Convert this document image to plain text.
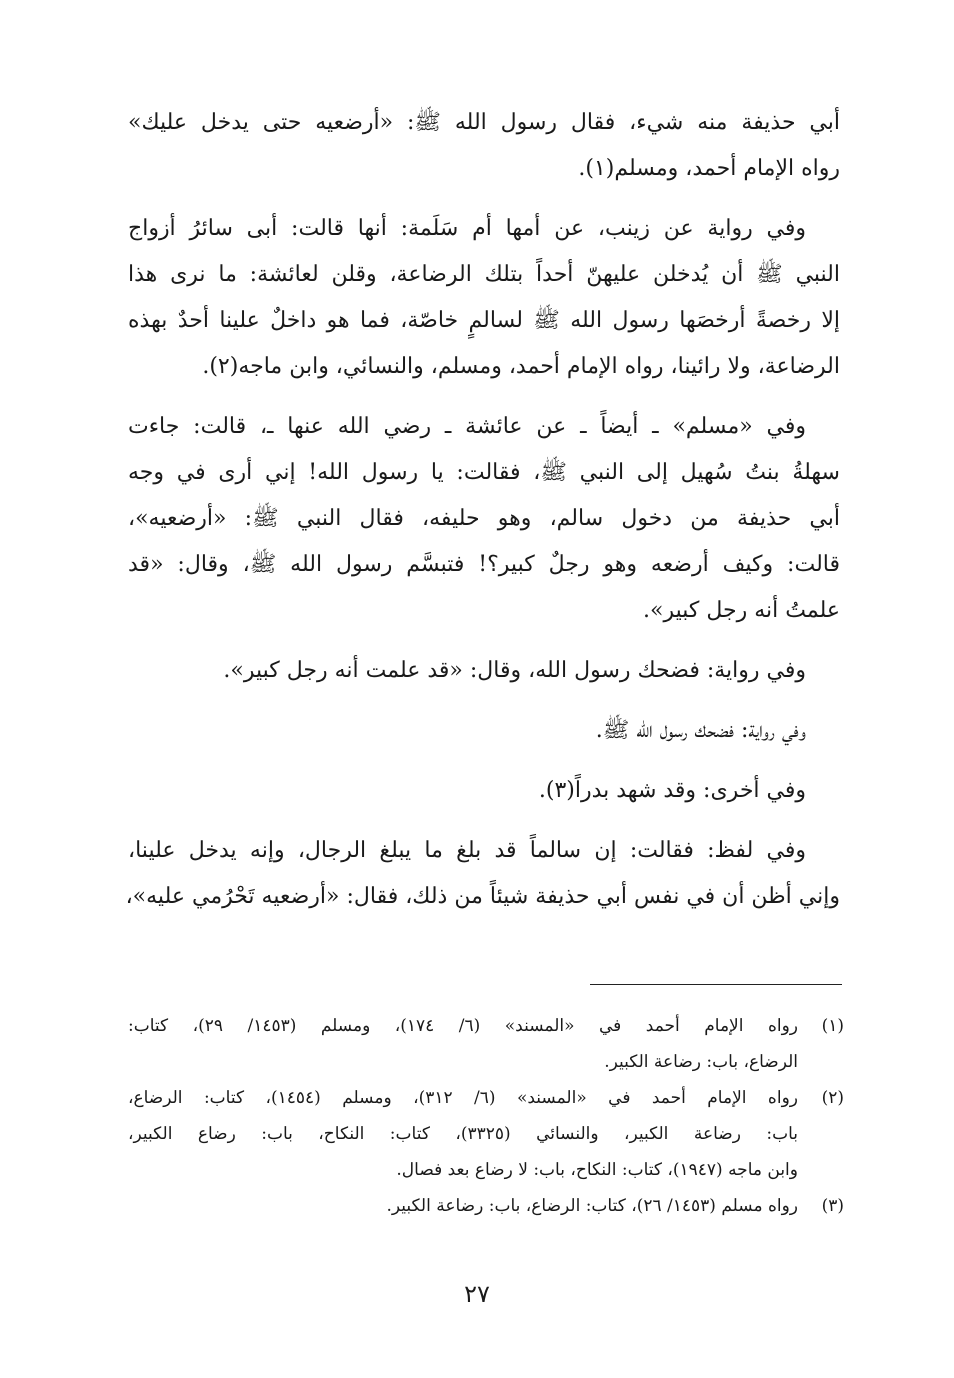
أبي حذيفة منه شيء، فقال رسول الله ﷺ: «أرضعيه حتى يدخل عليك»
رواه الإمام أحمد، ومسلم(١).

وفي رواية عن زينب، عن أمها أم سَلَمة: أنها قالت: أبى سائرُ أزواج
النبي ﷺ أن يُدخلن عليهنّ أحداً بتلك الرضاعة، وقلن لعائشة: ما نرى هذا
إلا رخصةً أرخصَها رسول الله ﷺ لسالمٍ خاصّة، فما هو داخلٌ علينا أحدٌ بهذه
الرضاعة، ولا رائينا، رواه الإمام أحمد، ومسلم، والنسائي، وابن ماجه(٢).

وفي «مسلم» ـ أيضاً ـ عن عائشة ـ رضي الله عنها ـ، قالت: جاءت
سهلةُ بنتُ سُهيل إلى النبي ﷺ، فقالت: يا رسول الله! إني أرى في وجه
أبي حذيفة من دخول سالم، وهو حليفه، فقال النبي ﷺ: «أرضعيه»،
قالت: وكيف أرضعه وهو رجلٌ كبير؟! فتبسَّم رسول الله ﷺ، وقال: «قد
علمتُ أنه رجل كبير».

وفي رواية: فضحك رسول الله، وقال: «قد علمت أنه رجل كبير».

وفي رواية: فضحك رسول الله ﷺ.

وفي أخرى: وقد شهد بدراً(٣).

وفي لفظ: فقالت: إن سالماً قد بلغ ما يبلغ الرجال، وإنه يدخل علينا،
وإني أظن أن في نفس أبي حذيفة شيئاً من ذلك، فقال: «أرضعيه تَحْرُمي عليه»،

(١)
رواه الإمام أحمد في «المسند» (٦/ ١٧٤)، ومسلم (١٤٥٣/ ٢٩)، كتاب:
الرضاع، باب: رضاعة الكبير.
(٢)
رواه الإمام أحمد في «المسند» (٦/ ٣١٢)، ومسلم (١٤٥٤)، كتاب: الرضاع،
باب: رضاعة الكبير، والنسائي (٣٣٢٥)، كتاب: النكاح، باب: رضاع الكبير،
وابن ماجه (١٩٤٧)، كتاب: النكاح، باب: لا رضاع بعد فصال.
(٣)
رواه مسلم (١٤٥٣/ ٢٦)، كتاب: الرضاع، باب: رضاعة الكبير.
٢٧
